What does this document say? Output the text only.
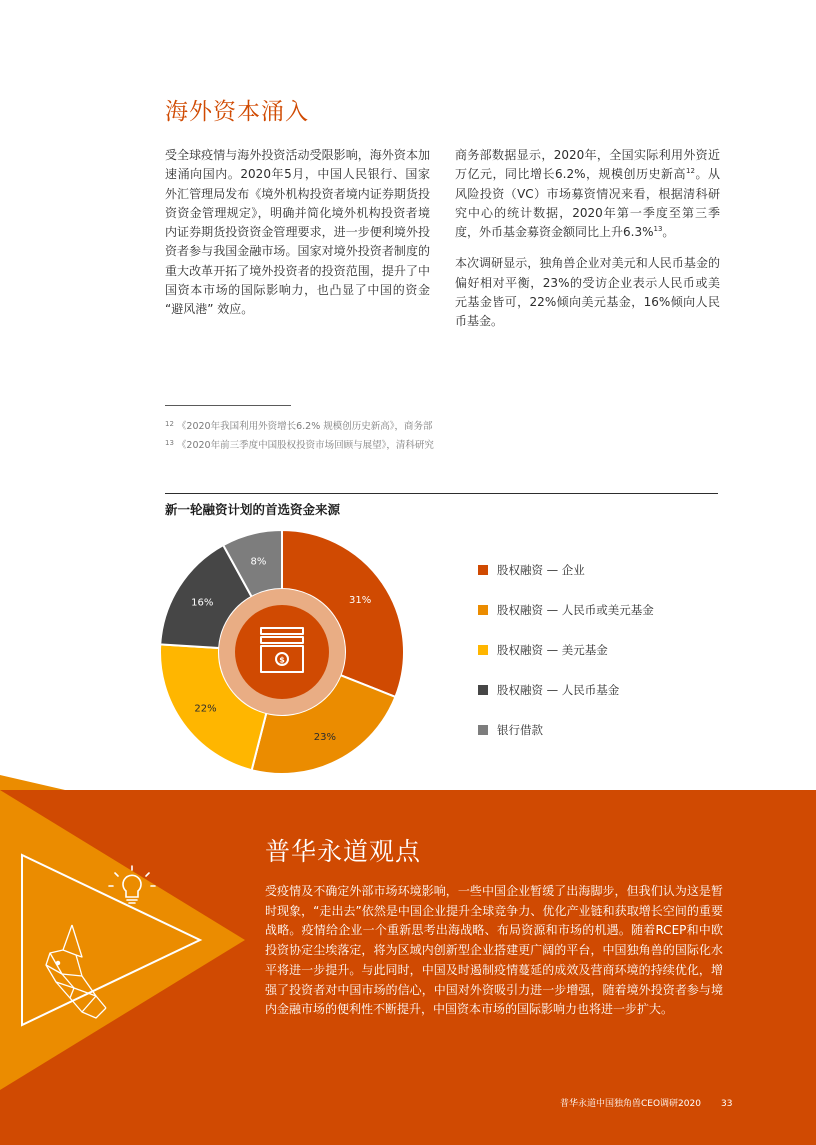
海外资本涌入

受全球疫情与海外投资活动受限影响，海外资本加速涌向国内。2020年5月，中国人民银行、国家外汇管理局发布《境外机构投资者境内证券期货投资资金管理规定》，明确并简化境外机构投资者境内证券期货投资资金管理要求，进一步便利境外投资者参与我国金融市场。国家对境外投资者制度的重大改革开拓了境外投资者的投资范围，提升了中国资本市场的国际影响力，也凸显了中国的资金 “避风港” 效应。

商务部数据显示，2020年，全国实际利用外资近万亿元，同比增长6.2%，规模创历史新高$^{12}$。从风险投资（VC）市场募资情况来看，根据清科研究中心的统计数据，2020年第一季度至第三季度，外币基金募资金额同比上升6.3%$^{13}$。

本次调研显示，独角兽企业对美元和人民币基金的偏好相对平衡，23%的受访企业表示人民币或美元基金皆可，22%倾向美元基金，16%倾向人民币基金。

$^{12}$ 《2020年我国利用外资增长6.2% 规模创历史新高》，商务部
$^{13}$ 《2020年前三季度中国股权投资市场回顾与展望》，清科研究
新一轮融资计划的首选资金来源
$
31%
23%
22%
16%
8%
股权融资 — 企业
股权融资 — 人民币或美元基金
股权融资 — 美元基金
股权融资 — 人民币基金
银行借款
普华永道观点
受疫情及不确定外部市场环境影响，一些中国企业暂缓了出海脚步，但我们认为这是暂时现象，“走出去”依然是中国企业提升全球竞争力、优化产业链和获取增长空间的重要战略。疫情给企业一个重新思考出海战略、布局资源和市场的机遇。随着RCEP和中欧投资协定尘埃落定，将为区域内创新型企业搭建更广阔的平台，中国独角兽的国际化水平将进一步提升。与此同时，中国及时遏制疫情蔓延的成效及营商环境的持续优化，增强了投资者对中国市场的信心，中国对外资吸引力进一步增强，随着境外投资者参与境内金融市场的便利性不断提升，中国资本市场的国际影响力也将进一步扩大。
普华永道中国独角兽CEO调研2020 33
